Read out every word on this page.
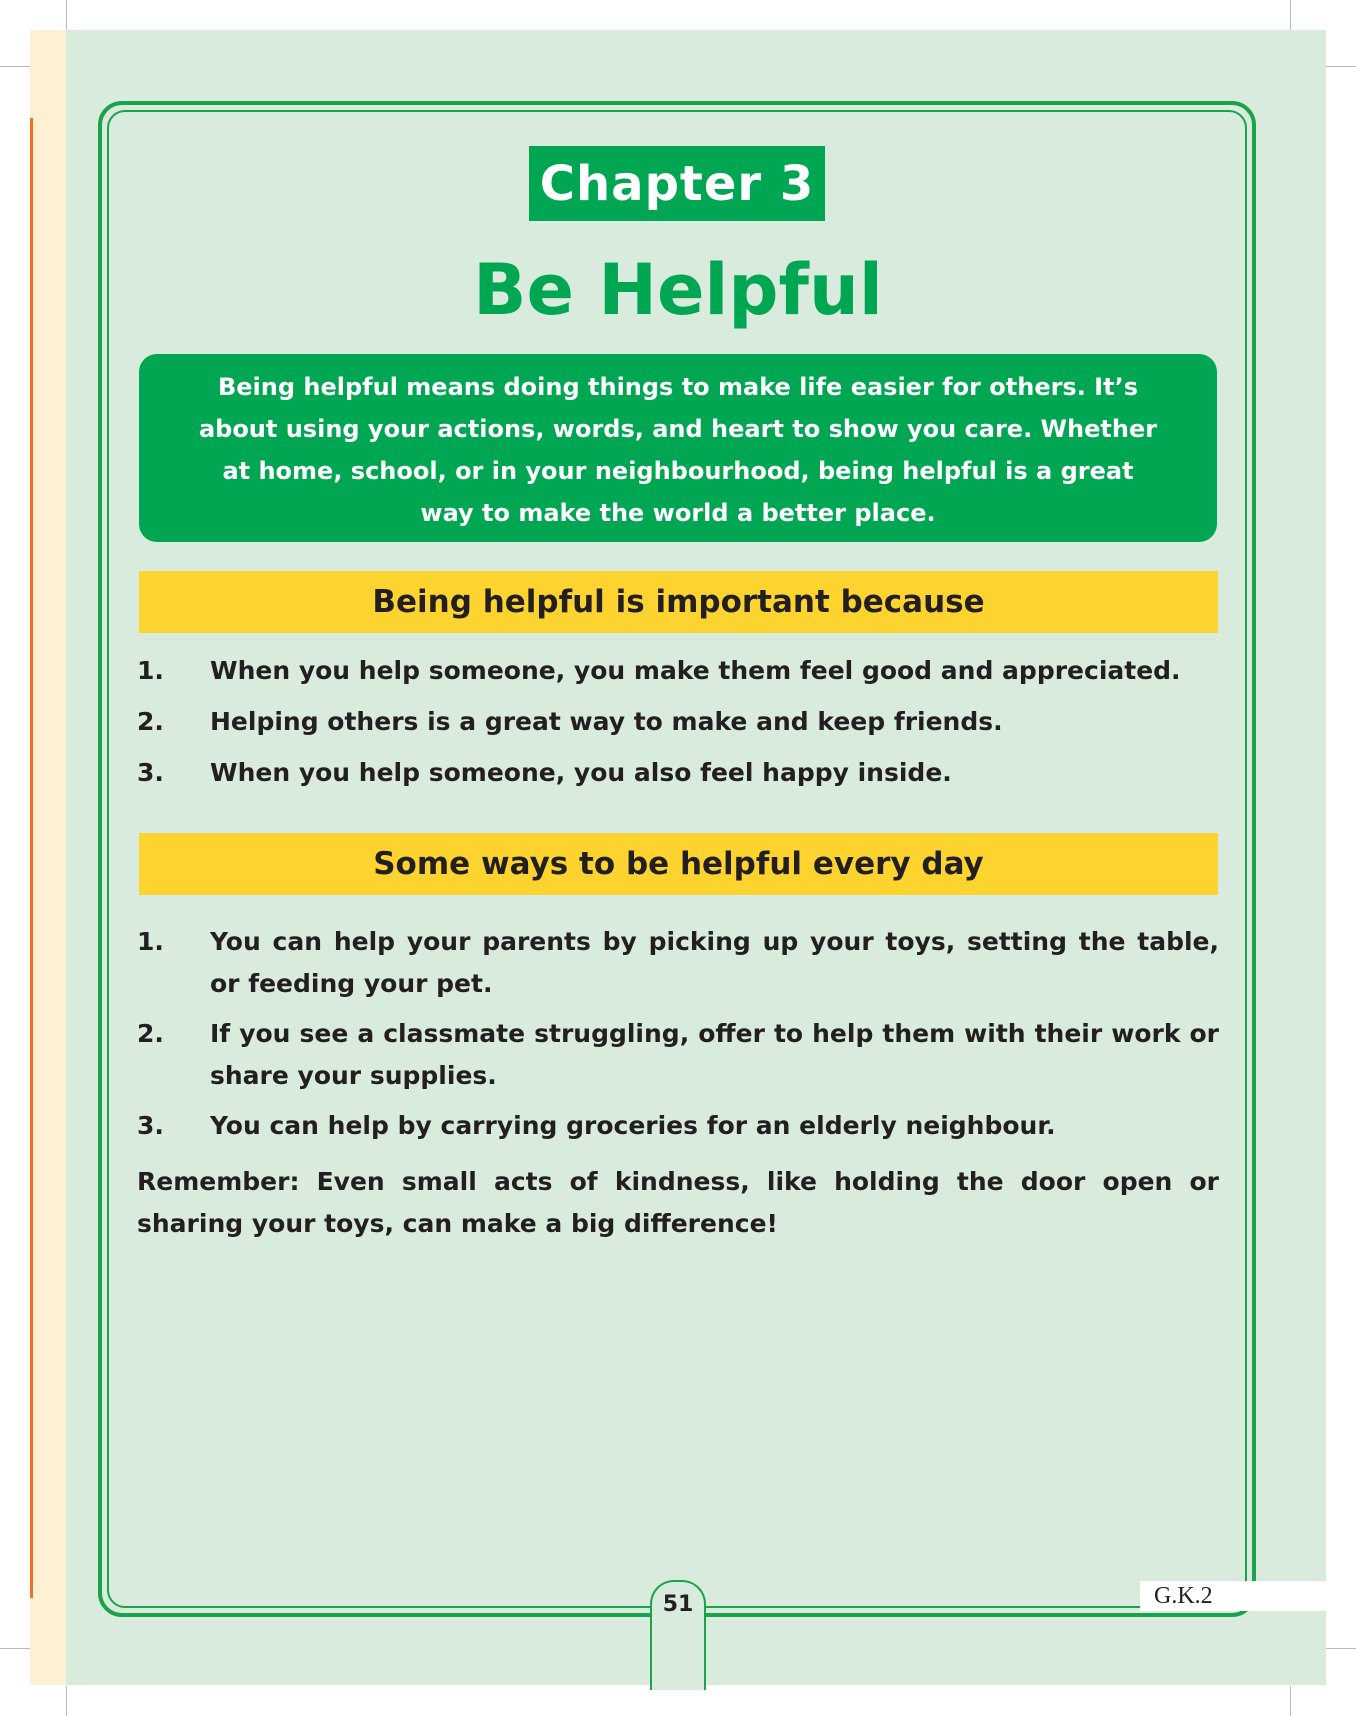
Chapter 3
Be Helpful
Being helpful means doing things to make life easier for others. It’s about using your actions, words, and heart to show you care. Whether at home, school, or in your neighbourhood, being helpful is a great way to make the world a better place.
Being helpful is important because
1. When you help someone, you make them feel good and appreciated.
2. Helping others is a great way to make and keep friends.
3. When you help someone, you also feel happy inside.
Some ways to be helpful every day
1. You can help your parents by picking up your toys, setting the table, or feeding your pet.
2. If you see a classmate struggling, offer to help them with their work or share your supplies.
3. You can help by carrying groceries for an elderly neighbour.
Remember: Even small acts of kindness, like holding the door open or sharing your toys, can make a big difference!
51	G.K.2
